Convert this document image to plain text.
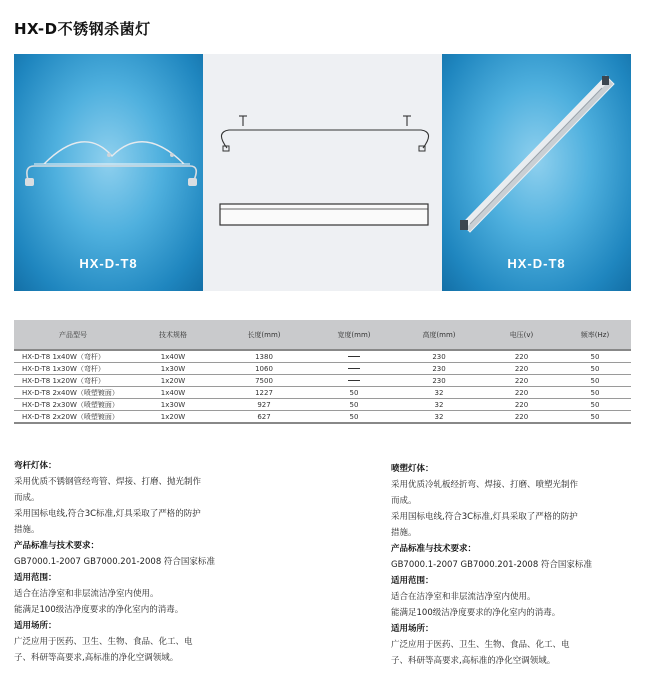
HX-D不锈钢杀菌灯
HX-D-T8	HX-D-T8
产品型号	技术规格	长度(mm)	宽度(mm)	高度(mm)	电压(v)	频率(Hz)
HX-D-T8 1x40W（弯杆）	1x40W	1380		230	220	50
HX-D-T8 1x30W（弯杆）	1x30W	1060		230	220	50
HX-D-T8 1x20W（弯杆）	1x20W	7500		230	220	50
HX-D-T8 2x40W（喷塑镀面）	1x40W	1227	50	32	220	50
HX-D-T8 2x30W（喷塑镀面）	1x30W	927	50	32	220	50
HX-D-T8 2x20W（喷塑镀面）	1x20W	627	50	32	220	50

弯杆灯体：

采用优质不锈钢管经弯管、焊接、打磨、抛光制作

而成。

采用国标电线,符合3C标准,灯具采取了严格的防护

措施。

产品标准与技术要求：

GB7000.1-2007 GB7000.201-2008 符合国家标准

适用范围：

适合在洁净室和非层流洁净室内使用。

能满足100级洁净度要求的净化室内的消毒。

适用场所：

广泛应用于医药、卫生、生物、食品、化工、电

子、科研等高要求,高标准的净化空调领域。

喷塑灯体：

采用优质冷轧板经折弯、焊接、打磨、喷塑光制作

而成。

采用国标电线,符合3C标准,灯具采取了严格的防护

措施。

产品标准与技术要求：

GB7000.1-2007 GB7000.201-2008 符合国家标准

适用范围：

适合在洁净室和非层流洁净室内使用。

能满足100级洁净度要求的净化室内的消毒。

适用场所：

广泛应用于医药、卫生、生物、食品、化工、电

子、科研等高要求,高标准的净化空调领域。
